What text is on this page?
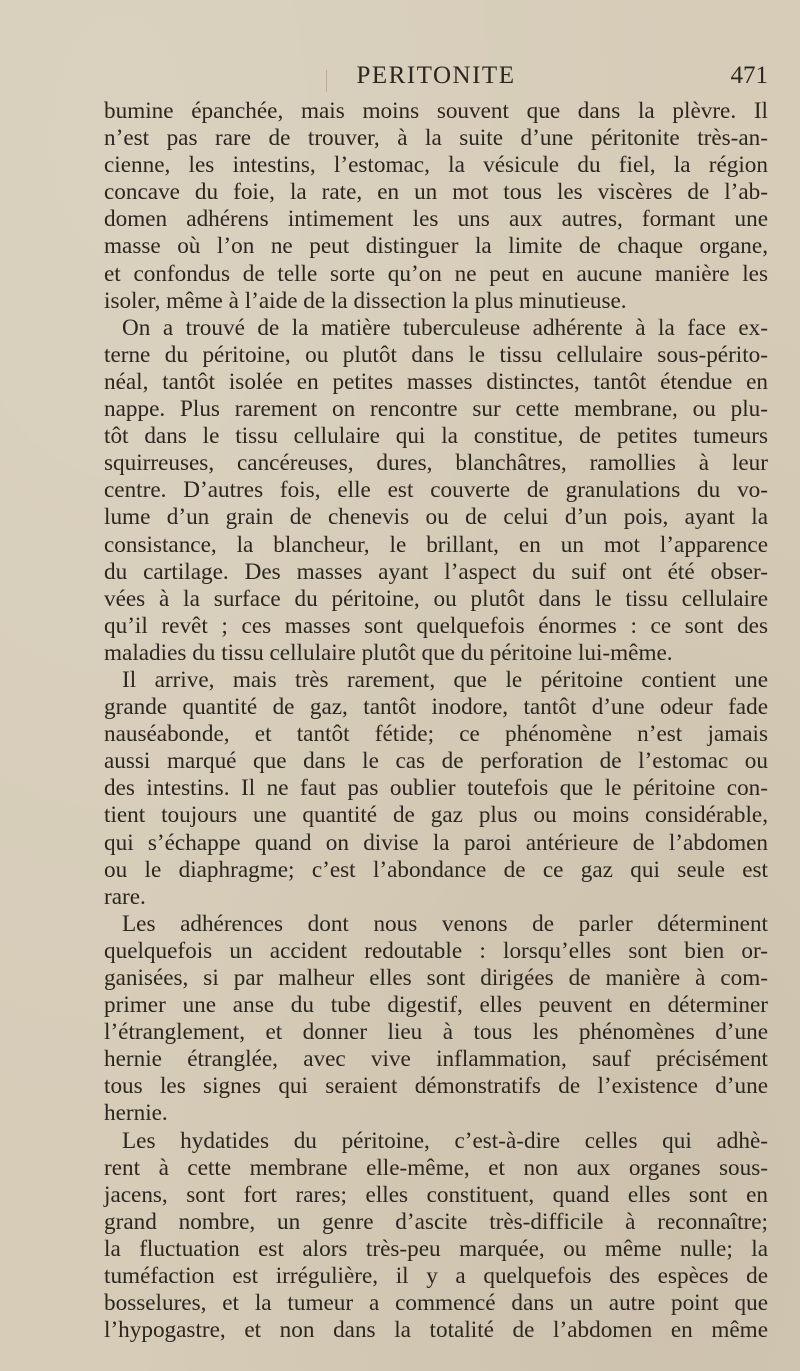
PERITONITE	471

bumine épanchée, mais moins souvent que dans la plèvre. Il
n’est pas rare de trouver, à la suite d’une péritonite très-an-
cienne, les intestins, l’estomac, la vésicule du fiel, la région
concave du foie, la rate, en un mot tous les viscères de l’ab-
domen adhérens intimement les uns aux autres, formant une
masse où l’on ne peut distinguer la limite de chaque organe,
et confondus de telle sorte qu’on ne peut en aucune manière les
isoler, même à l’aide de la dissection la plus minutieuse.

On a trouvé de la matière tuberculeuse adhérente à la face ex-
terne du péritoine, ou plutôt dans le tissu cellulaire sous-périto-
néal, tantôt isolée en petites masses distinctes, tantôt étendue en
nappe. Plus rarement on rencontre sur cette membrane, ou plu-
tôt dans le tissu cellulaire qui la constitue, de petites tumeurs
squirreuses, cancéreuses, dures, blanchâtres, ramollies à leur
centre. D’autres fois, elle est couverte de granulations du vo-
lume d’un grain de chenevis ou de celui d’un pois, ayant la
consistance, la blancheur, le brillant, en un mot l’apparence
du cartilage. Des masses ayant l’aspect du suif ont été obser-
vées à la surface du péritoine, ou plutôt dans le tissu cellulaire
qu’il revêt ; ces masses sont quelquefois énormes : ce sont des
maladies du tissu cellulaire plutôt que du péritoine lui-même.

Il arrive, mais très rarement, que le péritoine contient une
grande quantité de gaz, tantôt inodore, tantôt d’une odeur fade
nauséabonde, et tantôt fétide; ce phénomène n’est jamais
aussi marqué que dans le cas de perforation de l’estomac ou
des intestins. Il ne faut pas oublier toutefois que le péritoine con-
tient toujours une quantité de gaz plus ou moins considérable,
qui s’échappe quand on divise la paroi antérieure de l’abdomen
ou le diaphragme; c’est l’abondance de ce gaz qui seule est
rare.

Les adhérences dont nous venons de parler déterminent
quelquefois un accident redoutable : lorsqu’elles sont bien or-
ganisées, si par malheur elles sont dirigées de manière à com-
primer une anse du tube digestif, elles peuvent en déterminer
l’étranglement, et donner lieu à tous les phénomènes d’une
hernie étranglée, avec vive inflammation, sauf précisément
tous les signes qui seraient démonstratifs de l’existence d’une
hernie.

Les hydatides du péritoine, c’est-à-dire celles qui adhè-
rent à cette membrane elle-même, et non aux organes sous-
jacens, sont fort rares; elles constituent, quand elles sont en
grand nombre, un genre d’ascite très-difficile à reconnaître;
la fluctuation est alors très-peu marquée, ou même nulle; la
tuméfaction est irrégulière, il y a quelquefois des espèces de
bosselures, et la tumeur a commencé dans un autre point que
l’hypogastre, et non dans la totalité de l’abdomen en même
